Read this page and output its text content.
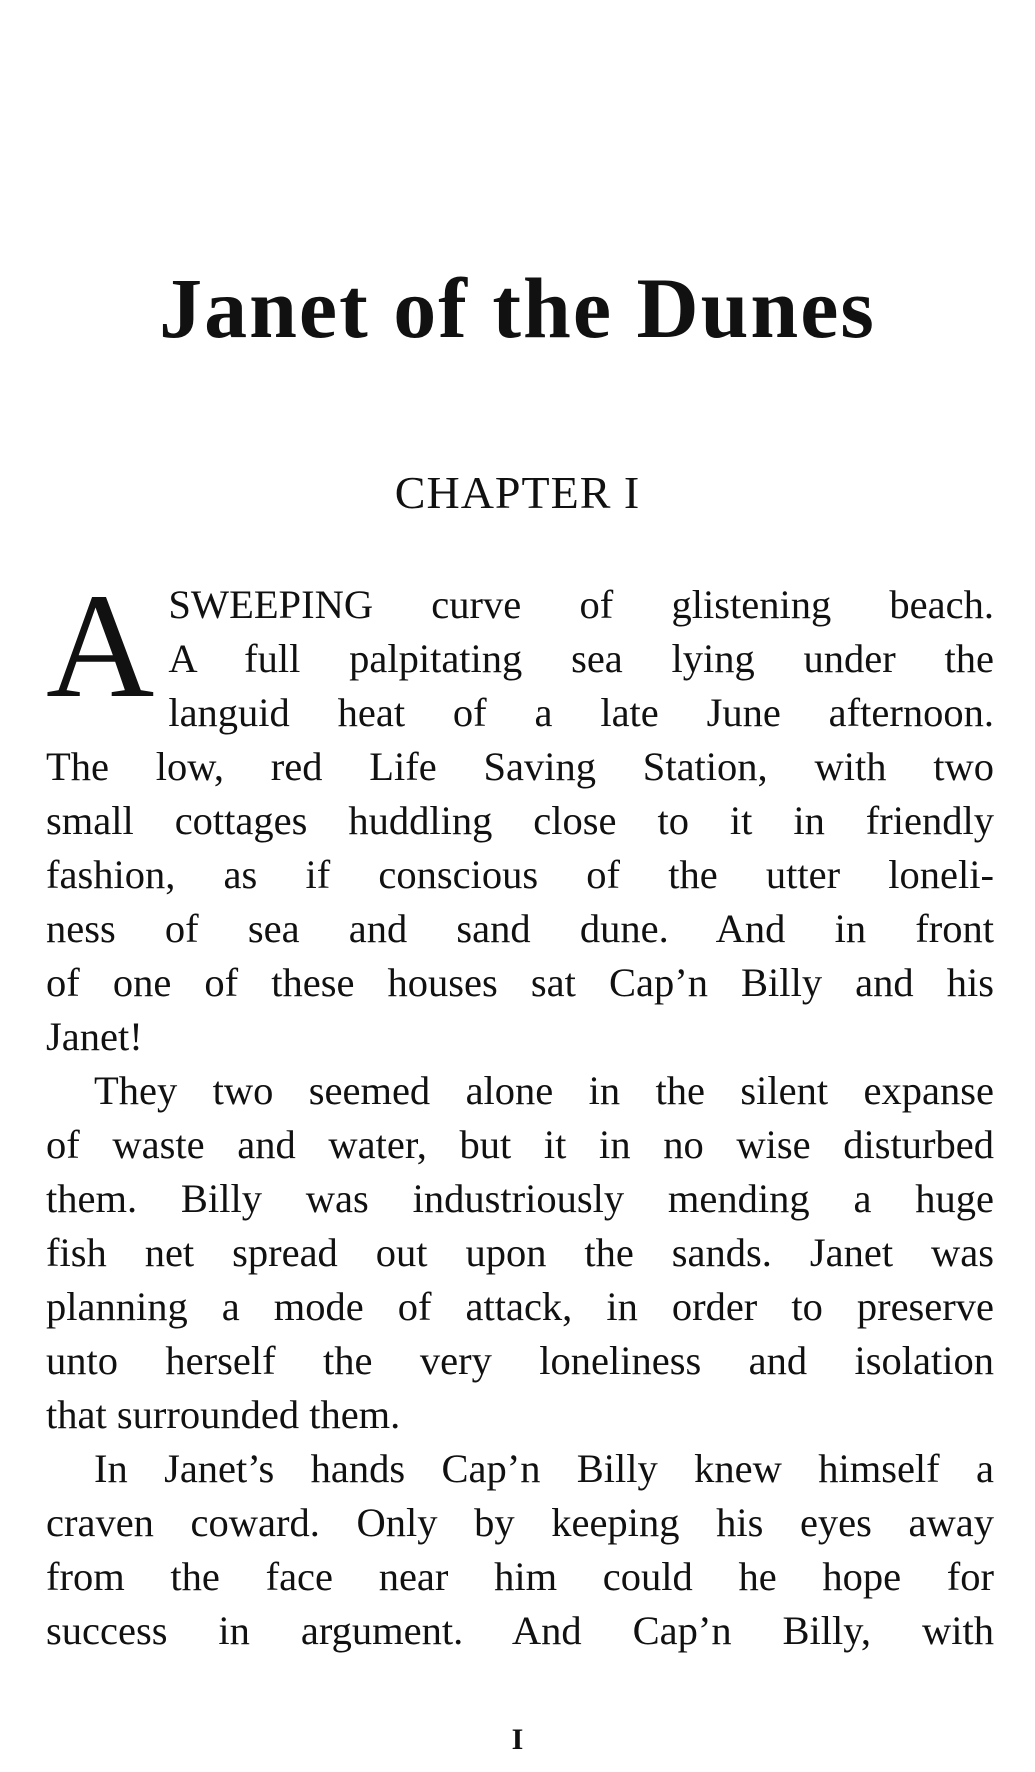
Janet of the Dunes
CHAPTER I

A SWEEPING curve of glistening beach.
A full palpitating sea lying under the
languid heat of a late June afternoon.
The low, red Life Saving Station, with two
small cottages huddling close to it in friendly
fashion, as if conscious of the utter loneli-
ness of sea and sand dune. And in front
of one of these houses sat Cap’n Billy and his
Janet!

They two seemed alone in the silent expanse
of waste and water, but it in no wise disturbed
them. Billy was industriously mending a huge
fish net spread out upon the sands. Janet was
planning a mode of attack, in order to preserve
unto herself the very loneliness and isolation
that surrounded them.

In Janet’s hands Cap’n Billy knew himself a
craven coward. Only by keeping his eyes away
from the face near him could he hope for
success in argument. And Cap’n Billy, with

I
